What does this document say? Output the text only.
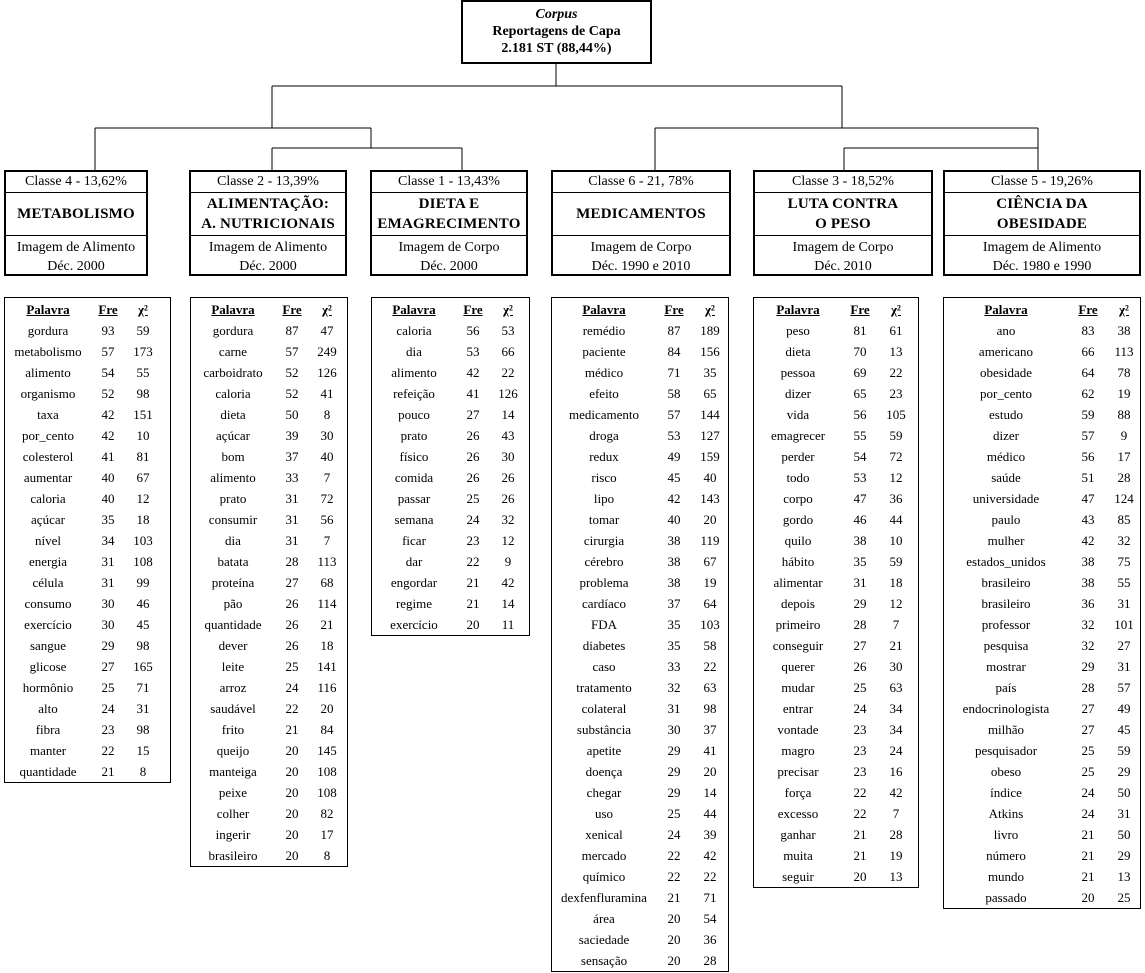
Corpus
Reportagens de Capa
2.181 ST (88,44%)
Classe 4 - 13,62%
METABOLISMO
Imagem de Alimento
Déc. 2000
Palavra	Fre	χ²
gordura	93	59
metabolismo	57	173
alimento	54	55
organismo	52	98
taxa	42	151
por_cento	42	10
colesterol	41	81
aumentar	40	67
caloria	40	12
açúcar	35	18
nível	34	103
energia	31	108
célula	31	99
consumo	30	46
exercício	30	45
sangue	29	98
glicose	27	165
hormônio	25	71
alto	24	31
fibra	23	98
manter	22	15
quantidade	21	8
Classe 2 - 13,39%
ALIMENTAÇÃO:
A. NUTRICIONAIS
Imagem de Alimento
Déc. 2000
Palavra	Fre	χ²
gordura	87	47
carne	57	249
carboidrato	52	126
caloria	52	41
dieta	50	8
açúcar	39	30
bom	37	40
alimento	33	7
prato	31	72
consumir	31	56
dia	31	7
batata	28	113
proteína	27	68
pão	26	114
quantidade	26	21
dever	26	18
leite	25	141
arroz	24	116
saudável	22	20
frito	21	84
queijo	20	145
manteiga	20	108
peixe	20	108
colher	20	82
ingerir	20	17
brasileiro	20	8
Classe 1 - 13,43%
DIETA E
EMAGRECIMENTO
Imagem de Corpo
Déc. 2000
Palavra	Fre	χ²
caloria	56	53
dia	53	66
alimento	42	22
refeição	41	126
pouco	27	14
prato	26	43
físico	26	30
comida	26	26
passar	25	26
semana	24	32
ficar	23	12
dar	22	9
engordar	21	42
regime	21	14
exercício	20	11
Classe 6 - 21, 78%
MEDICAMENTOS
Imagem de Corpo
Déc. 1990 e 2010
Palavra	Fre	χ²
remédio	87	189
paciente	84	156
médico	71	35
efeito	58	65
medicamento	57	144
droga	53	127
redux	49	159
risco	45	40
lipo	42	143
tomar	40	20
cirurgia	38	119
cérebro	38	67
problema	38	19
cardíaco	37	64
FDA	35	103
diabetes	35	58
caso	33	22
tratamento	32	63
colateral	31	98
substância	30	37
apetite	29	41
doença	29	20
chegar	29	14
uso	25	44
xenical	24	39
mercado	22	42
químico	22	22
dexfenfluramina	21	71
área	20	54
saciedade	20	36
sensação	20	28
Classe 3 - 18,52%
LUTA CONTRA
O PESO
Imagem de Corpo
Déc. 2010
Palavra	Fre	χ²
peso	81	61
dieta	70	13
pessoa	69	22
dizer	65	23
vida	56	105
emagrecer	55	59
perder	54	72
todo	53	12
corpo	47	36
gordo	46	44
quilo	38	10
hábito	35	59
alimentar	31	18
depois	29	12
primeiro	28	7
conseguir	27	21
querer	26	30
mudar	25	63
entrar	24	34
vontade	23	34
magro	23	24
precisar	23	16
força	22	42
excesso	22	7
ganhar	21	28
muita	21	19
seguir	20	13
Classe 5 - 19,26%
CIÊNCIA DA
OBESIDADE
Imagem de Alimento
Déc. 1980 e 1990
Palavra	Fre	χ²
ano	83	38
americano	66	113
obesidade	64	78
por_cento	62	19
estudo	59	88
dizer	57	9
médico	56	17
saúde	51	28
universidade	47	124
paulo	43	85
mulher	42	32
estados_unidos	38	75
brasileiro	38	55
brasileiro	36	31
professor	32	101
pesquisa	32	27
mostrar	29	31
país	28	57
endocrinologista	27	49
milhão	27	45
pesquisador	25	59
obeso	25	29
índice	24	50
Atkins	24	31
livro	21	50
número	21	29
mundo	21	13
passado	20	25
